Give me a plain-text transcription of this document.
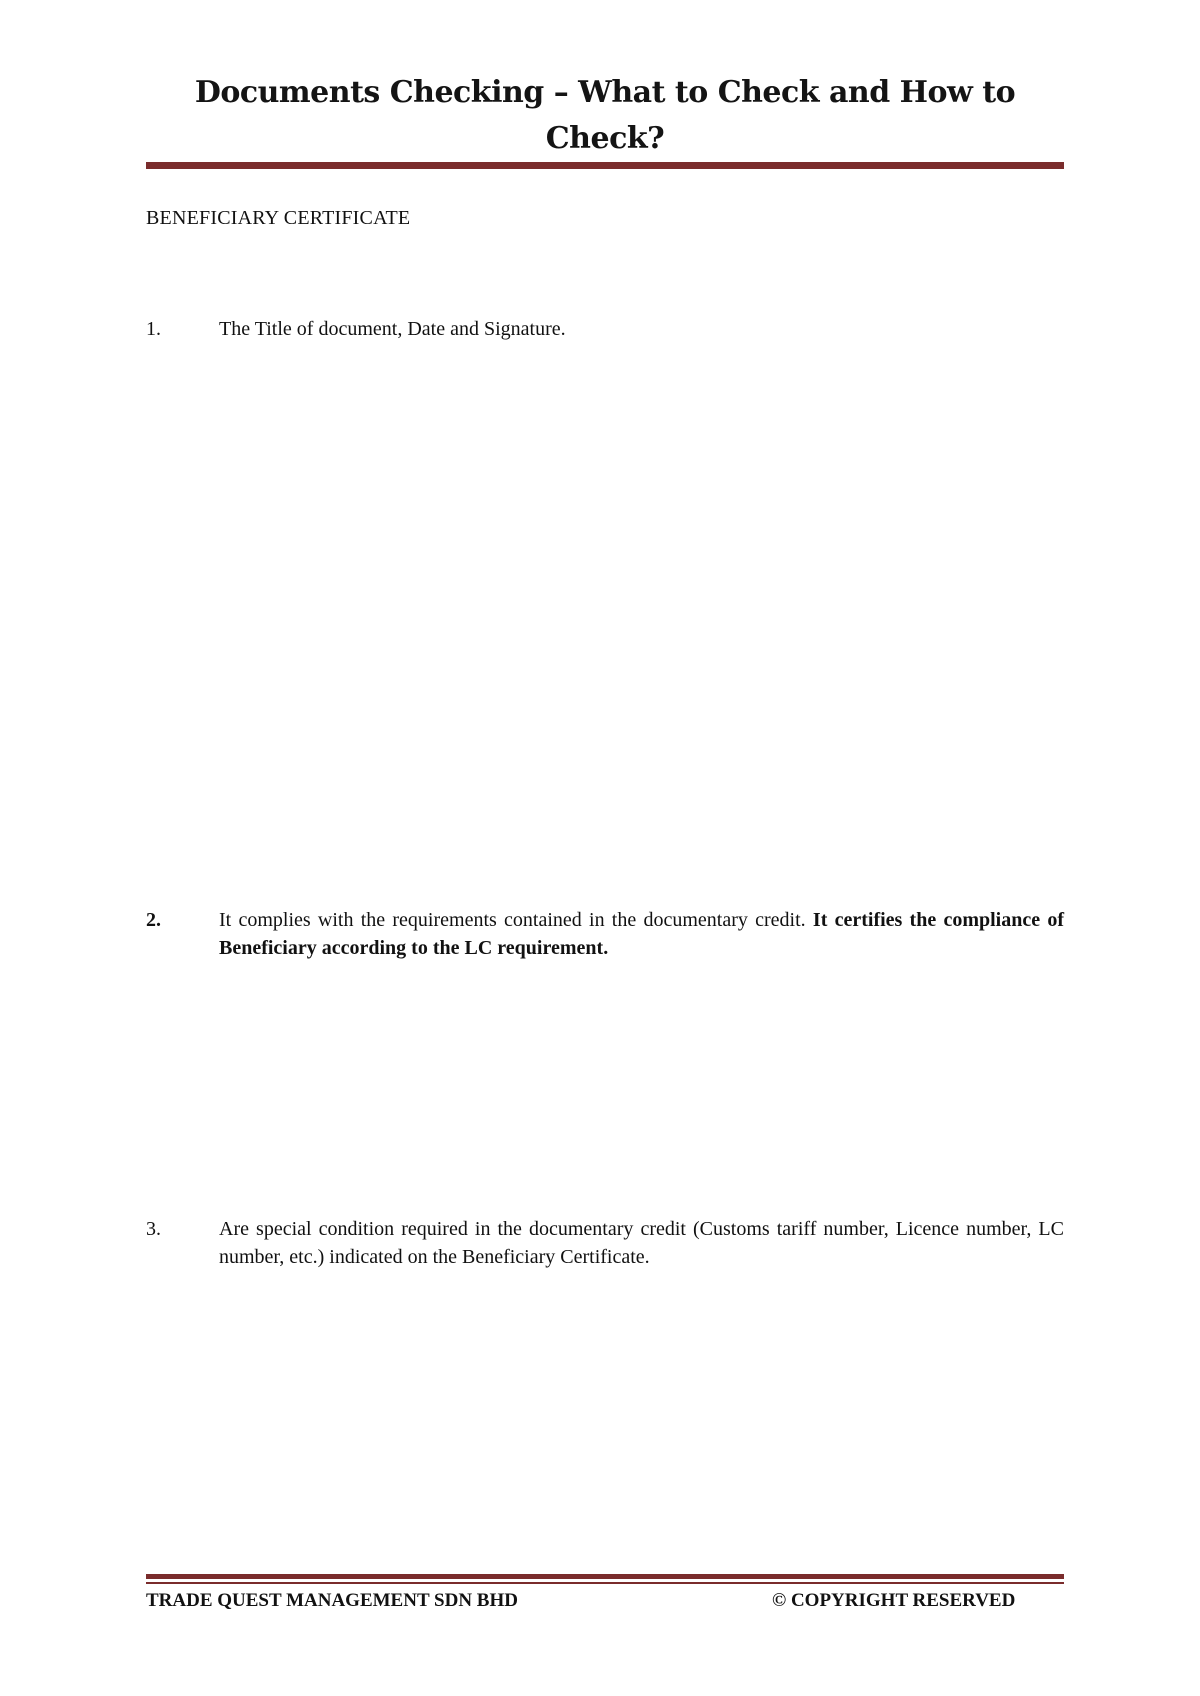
Documents Checking – What to Check and How to Check?
BENEFICIARY CERTIFICATE
1.	The Title of document, Date and Signature.
2.	It complies with the requirements contained in the documentary credit. It certifies the compliance of Beneficiary according to the LC requirement.
3.	Are special condition required in the documentary credit (Customs tariff number, Licence number, LC number, etc.) indicated on the Beneficiary Certificate.
TRADE QUEST MANAGEMENT SDN BHD	© COPYRIGHT RESERVED
